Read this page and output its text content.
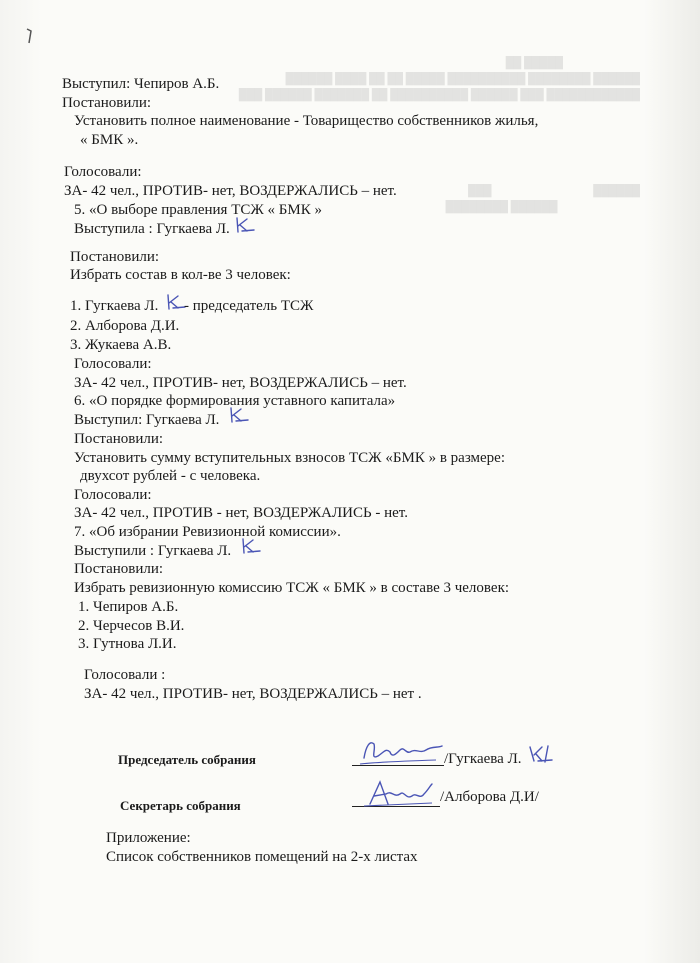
█████ ██
██████ ████████ ██████████ █████ ██ ██ ████ ██████
████████████ ███ ██████ ██████████ ██ ███████ ██████ ███

██████                                     ███
██████ ████████
Выступил: Чепиров А.Б.
Постановили:
Установить полное наименование - Товарищество собственников жилья,
« БМК ».
Голосовали:
ЗА- 42 чел., ПРОТИВ- нет, ВОЗДЕРЖАЛИСЬ – нет.
5. «О выборе правления ТСЖ « БМК »
Выступила : Гугкаева Л.
Постановили:
Избрать состав в кол-ве 3 человек:
1. Гугкаева Л. - председатель ТСЖ
2. Алборова Д.И.
3. Жукаева А.В.
Голосовали:
ЗА- 42 чел., ПРОТИВ- нет, ВОЗДЕРЖАЛИСЬ – нет.
6. «О порядке формирования уставного капитала»
Выступил: Гугкаева Л.
Постановили:
Установить сумму вступительных взносов ТСЖ «БМК » в размере:
двухсот рублей - с человека.
Голосовали:
ЗА- 42 чел., ПРОТИВ - нет, ВОЗДЕРЖАЛИСЬ - нет.
7. «Об избрании Ревизионной комиссии».
Выступили : Гугкаева Л.
Постановили:
Избрать ревизионную комиссию ТСЖ « БМК » в составе 3 человек:
1. Чепиров А.Б.
2. Черчесов В.И.
3. Гутнова Л.И.
Голосовали :
ЗА- 42 чел., ПРОТИВ- нет, ВОЗДЕРЖАЛИСЬ – нет .
Председатель собрания	/Гугкаева Л.
Секретарь собрания
/Алборова Д.И/
Приложение:
Список собственников помещений на 2-х листах
